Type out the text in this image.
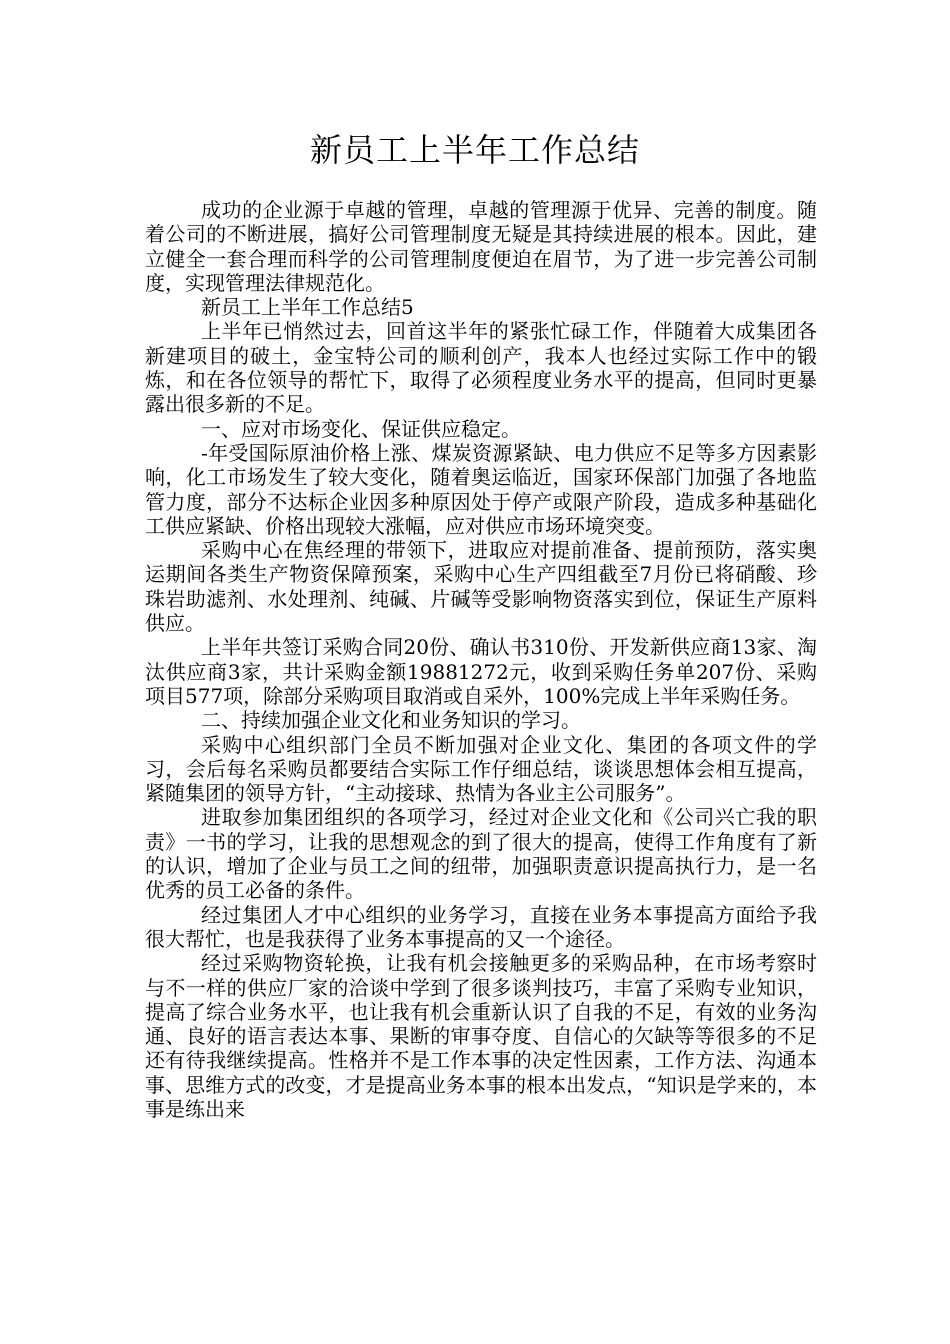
新员工上半年工作总结

成功的企业源于卓越的管理，卓越的管理源于优异、完善的制度。随着公司的不断进展，搞好公司管理制度无疑是其持续进展的根本。因此，建立健全一套合理而科学的公司管理制度便迫在眉节，为了进一步完善公司制度，实现管理法律规范化。

新员工上半年工作总结5

上半年已悄然过去，回首这半年的紧张忙碌工作，伴随着大成集团各新建项目的破土，金宝特公司的顺利创产，我本人也经过实际工作中的锻炼，和在各位领导的帮忙下，取得了必须程度业务水平的提高，但同时更暴露出很多新的不足。

一、应对市场变化、保证供应稳定。

-年受国际原油价格上涨、煤炭资源紧缺、电力供应不足等多方因素影响，化工市场发生了较大变化，随着奥运临近，国家环保部门加强了各地监管力度，部分不达标企业因多种原因处于停产或限产阶段，造成多种基础化工供应紧缺、价格出现较大涨幅，应对供应市场环境突变。

采购中心在焦经理的带领下，进取应对提前准备、提前预防，落实奥运期间各类生产物资保障预案，采购中心生产四组截至7月份已将硝酸、珍珠岩助滤剂、水处理剂、纯碱、片碱等受影响物资落实到位，保证生产原料供应。

上半年共签订采购合同20份、确认书310份、开发新供应商13家、淘汰供应商3家，共计采购金额19881272元，收到采购任务单207份、采购项目577项，除部分采购项目取消或自采外，100%完成上半年采购任务。

二、持续加强企业文化和业务知识的学习。

采购中心组织部门全员不断加强对企业文化、集团的各项文件的学习，会后每名采购员都要结合实际工作仔细总结，谈谈思想体会相互提高，紧随集团的领导方针，“主动接球、热情为各业主公司服务”。

进取参加集团组织的各项学习，经过对企业文化和《公司兴亡我的职责》一书的学习，让我的思想观念的到了很大的提高，使得工作角度有了新的认识，增加了企业与员工之间的纽带，加强职责意识提高执行力，是一名优秀的员工必备的条件。

经过集团人才中心组织的业务学习，直接在业务本事提高方面给予我很大帮忙，也是我获得了业务本事提高的又一个途径。

经过采购物资轮换，让我有机会接触更多的采购品种，在市场考察时与不一样的供应厂家的洽谈中学到了很多谈判技巧，丰富了采购专业知识，提高了综合业务水平，也让我有机会重新认识了自我的不足，有效的业务沟通、良好的语言表达本事、果断的审事夺度、自信心的欠缺等等很多的不足还有待我继续提高。性格并不是工作本事的决定性因素，工作方法、沟通本事、思维方式的改变，才是提高业务本事的根本出发点，“知识是学来的，本事是练出来
